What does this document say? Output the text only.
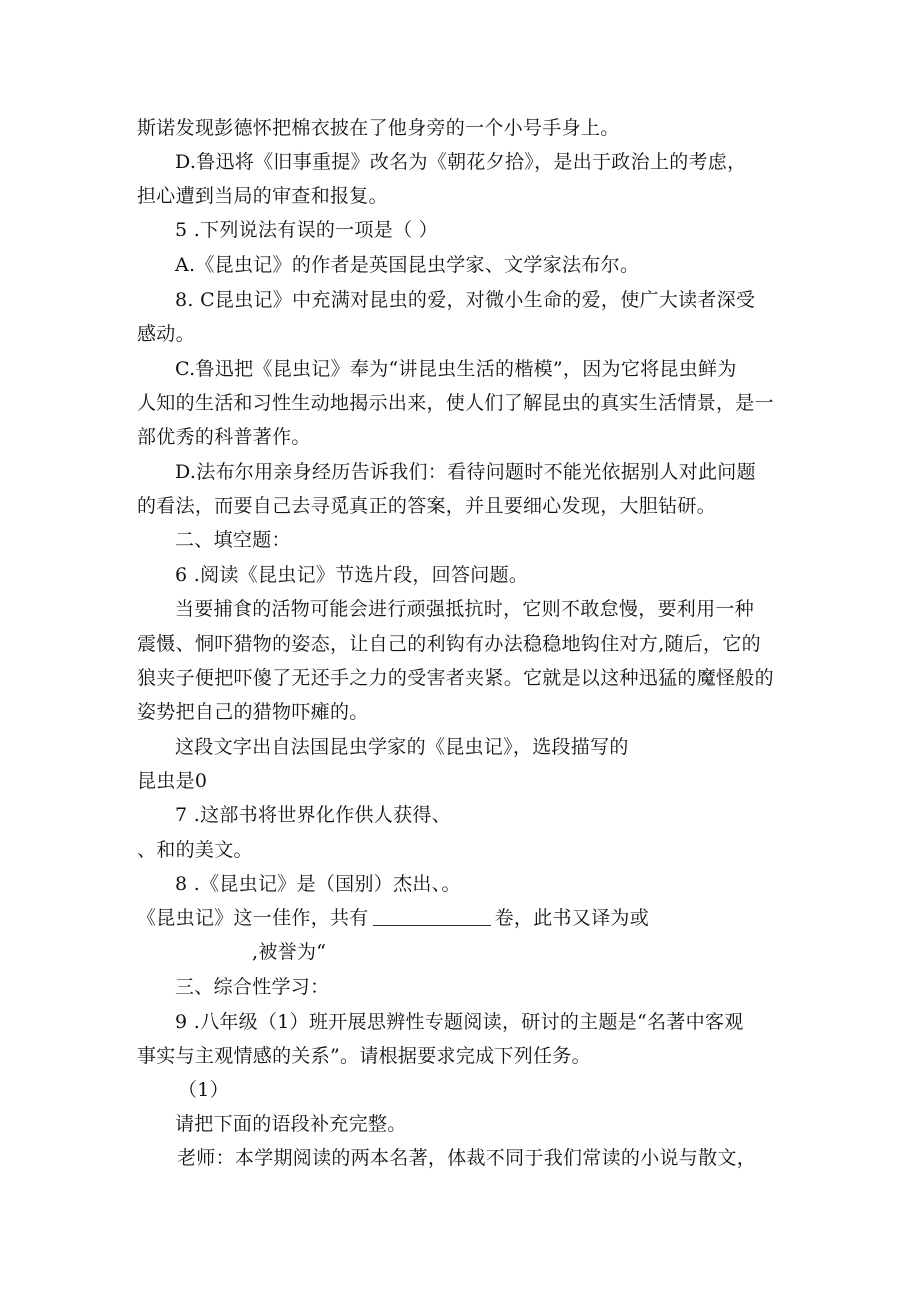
斯诺发现彭德怀把棉衣披在了他身旁的一个小号手身上。
D.鲁迅将《旧事重提》改名为《朝花夕拾》，是出于政治上的考虑，
担心遭到当局的审查和报复。
5 .下列说法有误的一项是（ ）
A.《昆虫记》的作者是英国昆虫学家、文学家法布尔。
8. C昆虫记》中充满对昆虫的爱，对微小生命的爱，使广大读者深受
感动。
C.鲁迅把《昆虫记》奉为“讲昆虫生活的楷模”，因为它将昆虫鲜为
人知的生活和习性生动地揭示出来，使人们了解昆虫的真实生活情景，是一
部优秀的科普著作。
D.法布尔用亲身经历告诉我们：看待问题时不能光依据别人对此问题
的看法，而要自己去寻觅真正的答案，并且要细心发现，大胆钻研。
二、填空题：
6 .阅读《昆虫记》节选片段，回答问题。
当要捕食的活物可能会进行顽强抵抗时，它则不敢怠慢，要利用一种
震慑、恫吓猎物的姿态，让自己的利钩有办法稳稳地钩住对方,随后，它的
狼夹子便把吓傻了无还手之力的受害者夹紧。它就是以这种迅猛的魔怪般的
姿势把自己的猎物吓瘫的。
这段文字出自法国昆虫学家的《昆虫记》，选段描写的
昆虫是0
7 .这部书将世界化作供人获得、
、和的美文。
8 .《昆虫记》是（国别）杰出、。
《昆虫记》这一佳作，共有	卷，此书又译为或
,被誉为“
三、综合性学习：
9 .八年级（1）班开展思辨性专题阅读，研讨的主题是“名著中客观
事实与主观情感的关系”。请根据要求完成下列任务。
（1）
请把下面的语段补充完整。
老师：本学期阅读的两本名著，体裁不同于我们常读的小说与散文，
